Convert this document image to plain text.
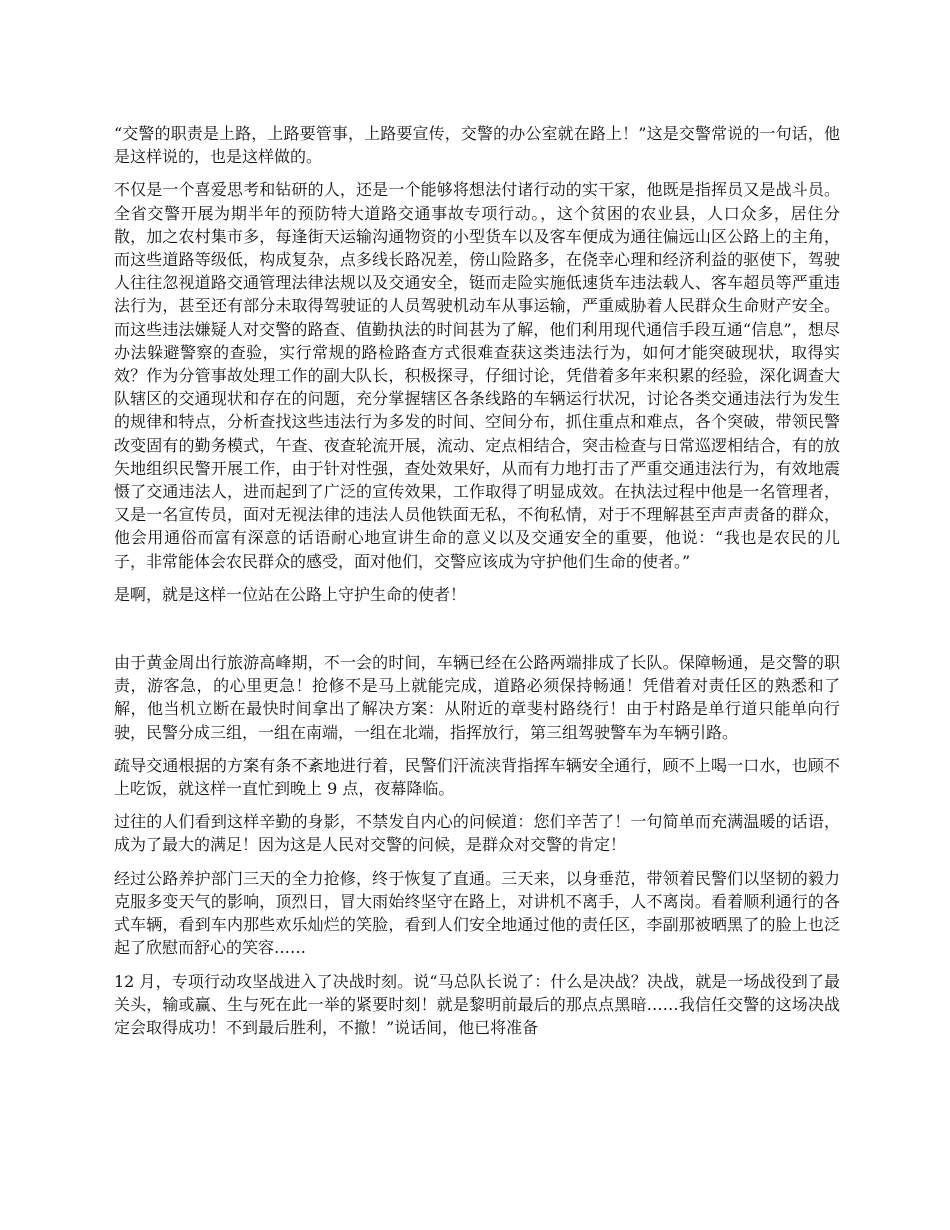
“交警的职责是上路，上路要管事，上路要宣传，交警的办公室就在路上！”这是交警常说的一句话，他是这样说的，也是这样做的。

不仅是一个喜爱思考和钻研的人，还是一个能够将想法付诸行动的实干家，他既是指挥员又是战斗员。全省交警开展为期半年的预防特大道路交通事故专项行动。，这个贫困的农业县，人口众多，居住分散，加之农村集市多，每逢街天运输沟通物资的小型货车以及客车便成为通往偏远山区公路上的主角，而这些道路等级低，构成复杂，点多线长路况差，傍山险路多，在侥幸心理和经济利益的驱使下，驾驶人往往忽视道路交通管理法律法规以及交通安全，铤而走险实施低速货车违法载人、客车超员等严重违法行为，甚至还有部分未取得驾驶证的人员驾驶机动车从事运输，严重威胁着人民群众生命财产安全。而这些违法嫌疑人对交警的路查、值勤执法的时间甚为了解，他们利用现代通信手段互通“信息”，想尽办法躲避警察的查验，实行常规的路检路查方式很难查获这类违法行为，如何才能突破现状，取得实效？作为分管事故处理工作的副大队长，积极探寻，仔细讨论，凭借着多年来积累的经验，深化调查大队辖区的交通现状和存在的问题，充分掌握辖区各条线路的车辆运行状况，讨论各类交通违法行为发生的规律和特点，分析查找这些违法行为多发的时间、空间分布，抓住重点和难点，各个突破，带领民警改变固有的勤务模式，午查、夜查轮流开展，流动、定点相结合，突击检查与日常巡逻相结合，有的放矢地组织民警开展工作，由于针对性强，查处效果好，从而有力地打击了严重交通违法行为，有效地震慑了交通违法人，进而起到了广泛的宣传效果，工作取得了明显成效。在执法过程中他是一名管理者，又是一名宣传员，面对无视法律的违法人员他铁面无私，不徇私情，对于不理解甚至声声责备的群众，他会用通俗而富有深意的话语耐心地宣讲生命的意义以及交通安全的重要，他说：“我也是农民的儿子，非常能体会农民群众的感受，面对他们，交警应该成为守护他们生命的使者。”

是啊，就是这样一位站在公路上守护生命的使者！

由于黄金周出行旅游高峰期，不一会的时间，车辆已经在公路两端排成了长队。保障畅通，是交警的职责，游客急，的心里更急！抢修不是马上就能完成，道路必须保持畅通！凭借着对责任区的熟悉和了解，他当机立断在最快时间拿出了解决方案：从附近的章斐村路绕行！由于村路是单行道只能单向行驶，民警分成三组，一组在南端，一组在北端，指挥放行，第三组驾驶警车为车辆引路。

疏导交通根据的方案有条不紊地进行着，民警们汗流浃背指挥车辆安全通行，顾不上喝一口水，也顾不上吃饭，就这样一直忙到晚上 9 点，夜幕降临。

过往的人们看到这样辛勤的身影，不禁发自内心的问候道：您们辛苦了！一句简单而充满温暖的话语，成为了最大的满足！因为这是人民对交警的问候，是群众对交警的肯定！

经过公路养护部门三天的全力抢修，终于恢复了直通。三天来，以身垂范，带领着民警们以坚韧的毅力克服多变天气的影响，顶烈日，冒大雨始终坚守在路上，对讲机不离手，人不离岗。看着顺利通行的各式车辆，看到车内那些欢乐灿烂的笑脸，看到人们安全地通过他的责任区，李副那被晒黑了的脸上也泛起了欣慰而舒心的笑容……

12 月，专项行动攻坚战进入了决战时刻。说“马总队长说了：什么是决战？决战，就是一场战役到了最关头，输或赢、生与死在此一举的紧要时刻！就是黎明前最后的那点点黑暗……我信任交警的这场决战定会取得成功！不到最后胜利，不撤！”说话间，他已将准备
